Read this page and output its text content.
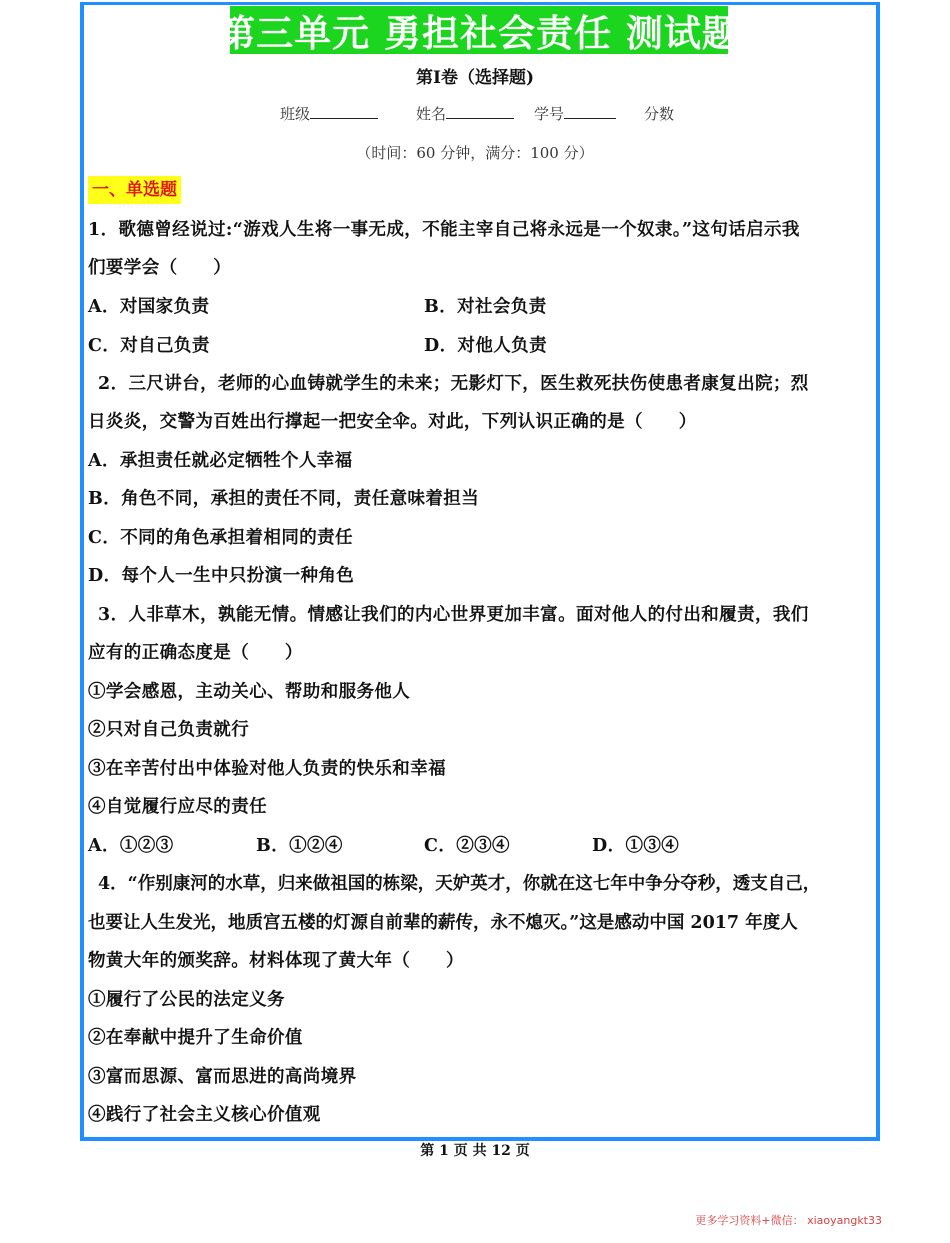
第三单元 勇担社会责任 测试题
第Ⅰ卷（选择题)
班级	姓名	学号	分数
（时间：60 分钟，满分：100 分）
一、单选题
1．歌德曾经说过:“游戏人生将一事无成，不能主宰自己将永远是一个奴隶。”这句话启示我
们要学会（　　）
A．对国家负责	B．对社会负责
C．对自己负责	D．对他人负责
2．三尺讲台，老师的心血铸就学生的未来；无影灯下，医生救死扶伤使患者康复出院；烈
日炎炎，交警为百姓出行撑起一把安全伞。对此，下列认识正确的是（　　）
A．承担责任就必定牺牲个人幸福
B．角色不同，承担的责任不同，责任意味着担当
C．不同的角色承担着相同的责任
D．每个人一生中只扮演一种角色
3．人非草木，孰能无情。情感让我们的内心世界更加丰富。面对他人的付出和履责，我们
应有的正确态度是（　　）
①学会感恩，主动关心、帮助和服务他人
②只对自己负责就行
③在辛苦付出中体验对他人负责的快乐和幸福
④自觉履行应尽的责任
A．①②③	B．①②④	C．②③④	D．①③④
4．“作别康河的水草，归来做祖国的栋梁，天妒英才，你就在这七年中争分夺秒，透支自己，
也要让人生发光，地质宫五楼的灯源自前辈的薪传，永不熄灭。”这是感动中国 2017 年度人
物黄大年的颁奖辞。材料体现了黄大年（　　）
①履行了公民的法定义务
②在奉献中提升了生命价值
③富而思源、富而思进的高尚境界
④践行了社会主义核心价值观
第 1 页 共 12 页
更多学习资料+微信： xiaoyangkt33
